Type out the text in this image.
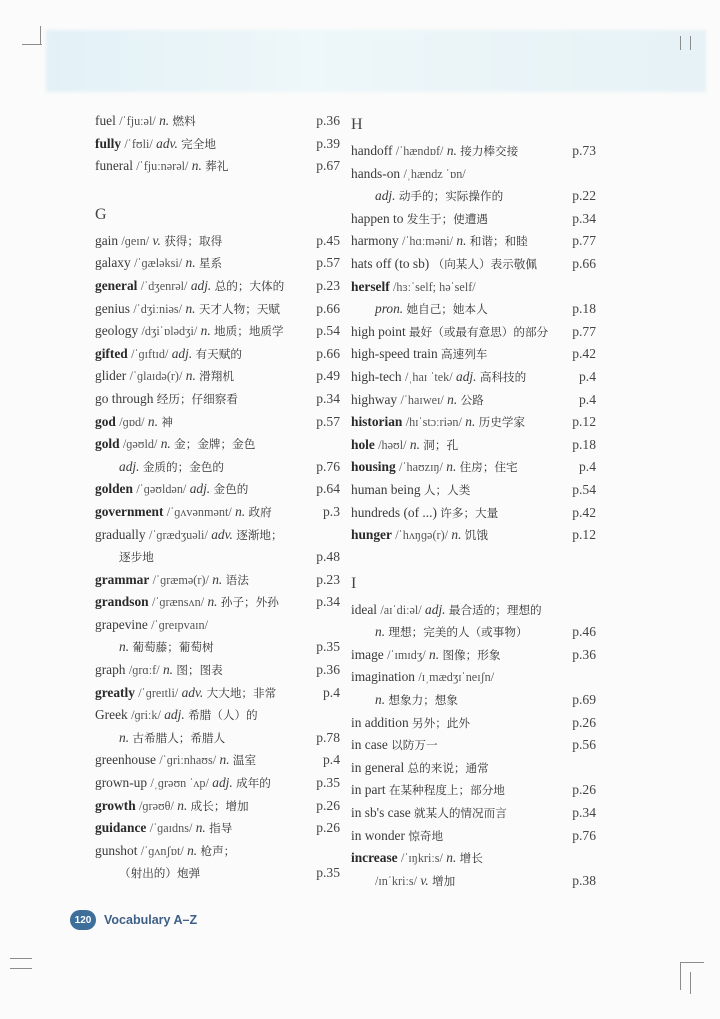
fuel /ˈfjuːəl/ n. 燃料	p.36
fully /ˈfʊli/ adv. 完全地	p.39
funeral /ˈfjuːnərəl/ n. 葬礼	p.67
G
gain /ɡeɪn/ v. 获得；取得	p.45
galaxy /ˈɡæləksi/ n. 星系	p.57
general /ˈdʒenrəl/ adj. 总的；大体的 p.23
genius /ˈdʒiːniəs/ n. 天才人物；天赋	p.66
geology /dʒiˈɒlədʒi/ n. 地质；地质学 p.54
gifted /ˈɡɪftɪd/ adj. 有天赋的	p.66
glider /ˈɡlaɪdə(r)/ n. 滑翔机	p.49
go through 经历；仔细察看	p.34
god /ɡɒd/ n. 神	p.57
gold /ɡəʊld/ n. 金；金牌；金色
adj. 金质的；金色的	p.76
golden /ˈɡəʊldən/ adj. 金色的	p.64
government /ˈɡʌvənmənt/ n. 政府	p.3
gradually /ˈɡrædʒuəli/ adv. 逐渐地；
逐步地	p.48
grammar /ˈɡræmə(r)/ n. 语法	p.23
grandson /ˈɡrænsʌn/ n. 孙子；外孙	p.34
grapevine /ˈɡreɪpvaɪn/
n. 葡萄藤；葡萄树	p.35
graph /ɡrɑːf/ n. 图；图表	p.36
greatly /ˈɡreɪtli/ adv. 大大地；非常	p.4
Greek /ɡriːk/ adj. 希腊（人）的
n. 古希腊人；希腊人	p.78
greenhouse /ˈɡriːnhaʊs/ n. 温室	p.4
grown-up /ˌɡrəʊn ˈʌp/ adj. 成年的	p.35
growth /ɡrəʊθ/ n. 成长；增加	p.26
guidance /ˈɡaɪdns/ n. 指导	p.26
gunshot /ˈɡʌnʃɒt/ n. 枪声；
（射出的）炮弹	p.35
H
handoff /ˈhændɒf/ n. 接力棒交接	p.73
hands-on /ˌhændz ˈɒn/
adj. 动手的；实际操作的	p.22
happen to 发生于；使遭遇	p.34
harmony /ˈhɑːməni/ n. 和谐；和睦	p.77
hats off (to sb) （向某人）表示敬佩	p.66
herself /hɜːˈself; həˈself/
pron. 她自己；她本人	p.18
high point 最好（或最有意思）的部分 p.77
high-speed train 高速列车	p.42
high-tech /ˌhaɪ ˈtek/ adj. 高科技的	p.4
highway /ˈhaɪweɪ/ n. 公路	p.4
historian /hɪˈstɔːriən/ n. 历史学家	p.12
hole /həʊl/ n. 洞；孔	p.18
housing /ˈhaʊzɪŋ/ n. 住房；住宅	p.4
human being 人；人类	p.54
hundreds (of ...) 许多；大量	p.42
hunger /ˈhʌŋɡə(r)/ n. 饥饿	p.12
I
ideal /aɪˈdiːəl/ adj. 最合适的；理想的
n. 理想；完美的人（或事物）	p.46
image /ˈɪmɪdʒ/ n. 图像；形象	p.36
imagination /ɪˌmædʒɪˈneɪʃn/
n. 想象力；想象	p.69
in addition 另外；此外	p.26
in case 以防万一	p.56
in general 总的来说；通常
in part 在某种程度上；部分地	p.26
in sb's case 就某人的情况而言	p.34
in wonder 惊奇地	p.76
increase /ˈɪŋkriːs/ n. 增长
/ɪnˈkriːs/ v. 增加	p.38
120	Vocabulary A–Z
